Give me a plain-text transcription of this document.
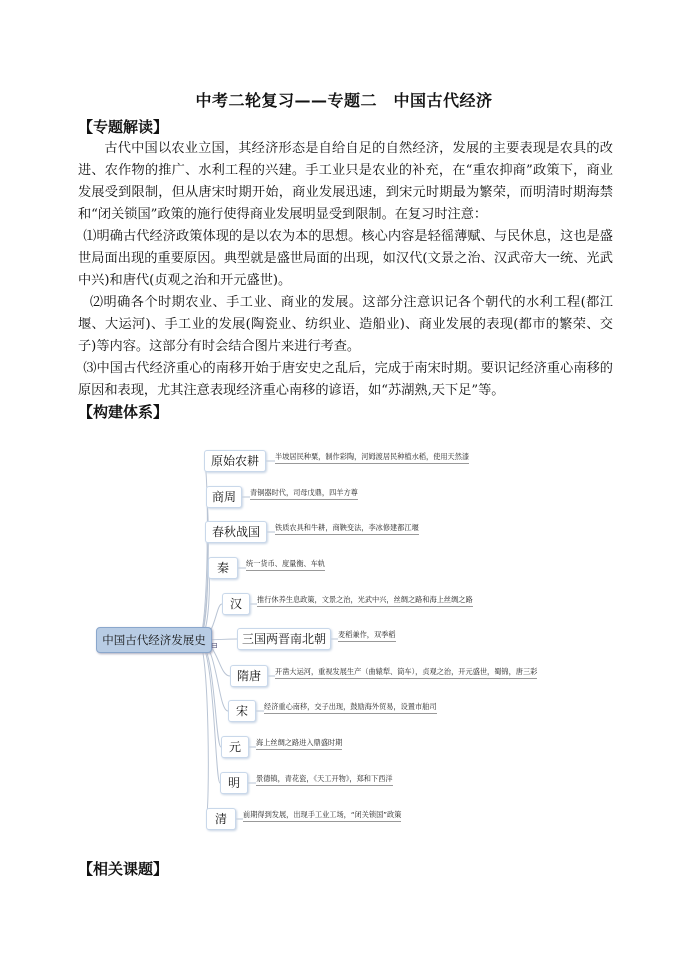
中考二轮复习——专题二　中国古代经济
【专题解读】
古代中国以农业立国，其经济形态是自给自足的自然经济，发展的主要表现是农具的改进、农作物的推广、水利工程的兴建。手工业只是农业的补充，在“重农抑商”政策下，商业发展受到限制，但从唐宋时期开始，商业发展迅速，到宋元时期最为繁荣，而明清时期海禁和“闭关锁国”政策的施行使得商业发展明显受到限制。在复习时注意：
⑴明确古代经济政策体现的是以农为本的思想。核心内容是轻徭薄赋、与民休息，这也是盛世局面出现的重要原因。典型就是盛世局面的出现，如汉代(文景之治、汉武帝大一统、光武中兴)和唐代(贞观之治和开元盛世)。
⑵明确各个时期农业、手工业、商业的发展。这部分注意识记各个朝代的水利工程(都江堰、大运河)、手工业的发展(陶瓷业、纺织业、造船业)、商业发展的表现(都市的繁荣、交子)等内容。这部分有时会结合图片来进行考查。
⑶中国古代经济重心的南移开始于唐安史之乱后，完成于南宋时期。要识记经济重心南移的原因和表现，尤其注意表现经济重心南移的谚语，如“苏湖熟,天下足”等。
【构建体系】
中国古代经济发展史 ⊟
原始农耕	半坡居民种粟，制作彩陶，河姆渡居民种植水稻，使用天然漆
商周	青铜器时代，司母戊鼎，四羊方尊
春秋战国	铁质农具和牛耕，商鞅变法，李冰修建都江堰
秦	统一货币、度量衡、车轨
汉	推行休养生息政策，文景之治，光武中兴，丝绸之路和海上丝绸之路
三国两晋南北朝	麦稻兼作，双季稻
隋唐	开凿大运河，重视发展生产（曲辕犁、筒车），贞观之治，开元盛世，蜀锦，唐三彩
宋	经济重心南移，交子出现，鼓励海外贸易，设置市舶司
元	海上丝绸之路进入鼎盛时期
明	景德镇，青花瓷，《天工开物》，郑和下西洋
清	前期得到发展，出现手工业工场，“闭关锁国”政策
【相关课题】
